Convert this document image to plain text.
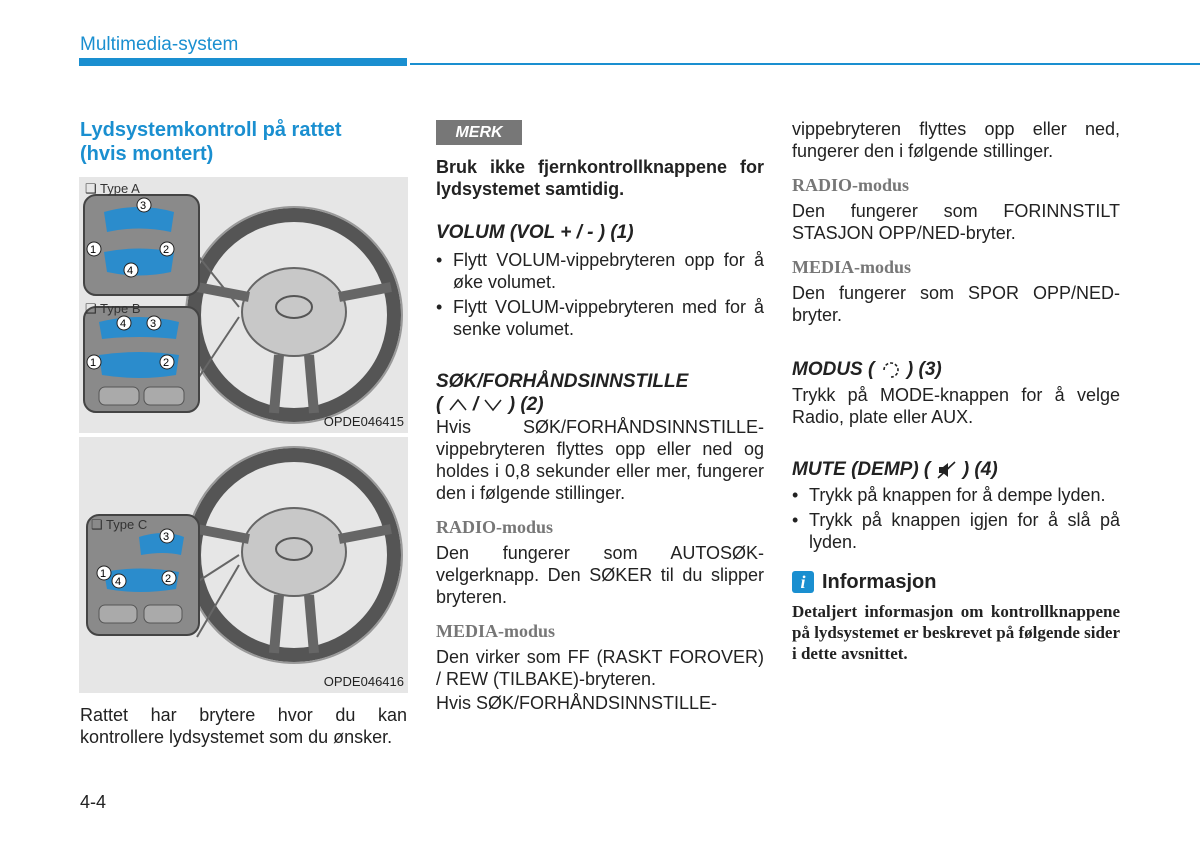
Multimedia-system
Lydsystemkontroll på rattet
(hvis montert)
3
1	2
4
4 3
1	2
❑ Type A
❑ Type B
OPDE046415
3
1
4	2
❑ Type C
OPDE046416
Rattet har brytere hvor du kan kontrollere lydsystemet som du ønsker.
MERK

Bruk ikke fjernkontrollknappene for lydsystemet samtidig.

VOLUM (VOL + / - ) (1)
• Flytt VOLUM-vippebryteren opp for å øke volumet.
• Flytt VOLUM-vippebryteren med for å senke volumet.
SØK/FORHÅNDSINNSTILLE
( / ) (2)

Hvis SØK/FORHÅNDSINNSTILLE-vippebryteren flyttes opp eller ned og holdes i 0,8 sekunder eller mer, fungerer den i følgende stillinger.

RADIO-modus

Den fungerer som AUTOSØK-velgerknapp. Den SØKER til du slipper bryteren.

MEDIA-modus

Den virker som FF (RASKT FOROVER) / REW (TILBAKE)-bryteren.

Hvis SØK/FORHÅNDSINNSTILLE-

vippebryteren flyttes opp eller ned, fungerer den i følgende stillinger.

RADIO-modus

Den fungerer som FORINNSTILT STASJON OPP/NED-bryter.

MEDIA-modus

Den fungerer som SPOR OPP/NED-bryter.

MODUS ( ) (3)

Trykk på MODE-knappen for å velge Radio, plate eller AUX.

MUTE (DEMP) ( ) (4)
• Trykk på knappen for å dempe lyden.
• Trykk på knappen igjen for å slå på lyden.
i Informasjon

Detaljert informasjon om kontrollknappene på lydsystemet er beskrevet på følgende sider i dette avsnittet.

4-4
